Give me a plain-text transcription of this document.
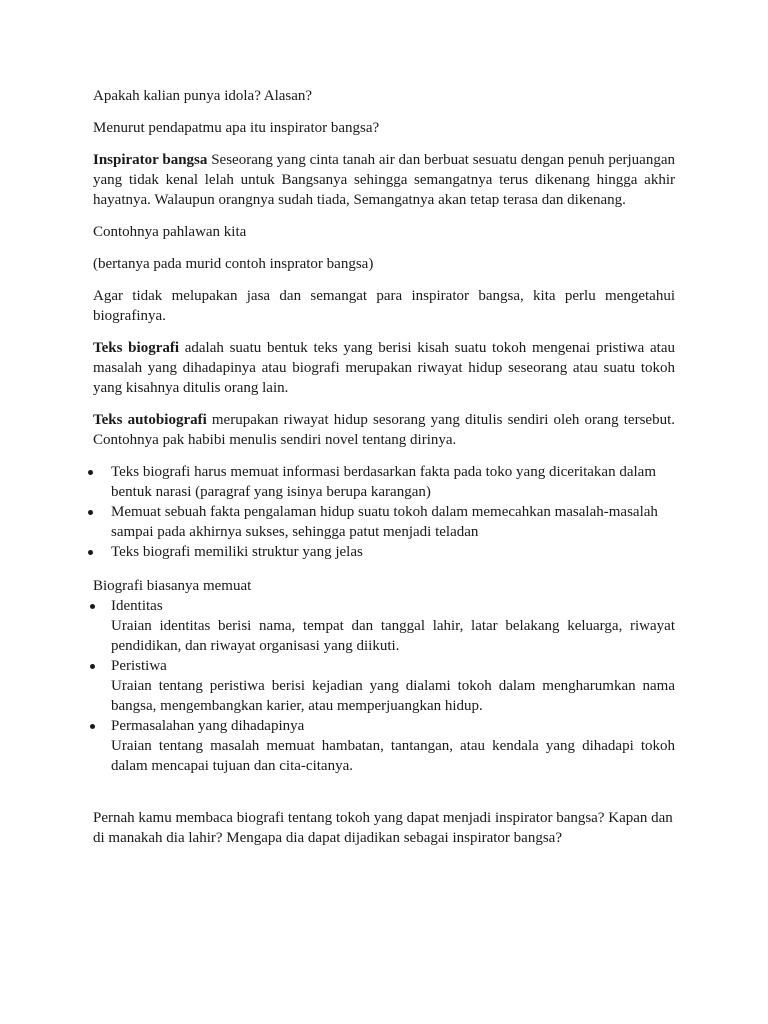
Apakah kalian punya idola? Alasan?

Menurut pendapatmu apa itu inspirator bangsa?

Inspirator bangsa Seseorang yang cinta tanah air dan berbuat sesuatu dengan penuh perjuangan yang tidak kenal lelah untuk Bangsanya sehingga semangatnya terus dikenang hingga akhir hayatnya. Walaupun orangnya sudah tiada, Semangatnya akan tetap terasa dan dikenang.

Contohnya pahlawan kita

(bertanya pada murid contoh insprator bangsa)

Agar tidak melupakan jasa dan semangat para inspirator bangsa, kita perlu mengetahui biografinya.

Teks biografi adalah suatu bentuk teks yang berisi kisah suatu tokoh mengenai pristiwa atau masalah yang dihadapinya atau biografi merupakan riwayat hidup seseorang atau suatu tokoh yang kisahnya ditulis orang lain.

Teks autobiografi merupakan riwayat hidup sesorang yang ditulis sendiri oleh orang tersebut. Contohnya pak habibi menulis sendiri novel tentang dirinya.

Teks biografi harus memuat informasi berdasarkan fakta pada toko yang diceritakan dalam bentuk narasi (paragraf yang isinya berupa karangan)
Memuat sebuah fakta pengalaman hidup suatu tokoh dalam memecahkan masalah-masalah sampai pada akhirnya sukses, sehingga patut menjadi teladan
Teks biografi memiliki struktur yang jelas

Biografi biasanya memuat

Identitas
Uraian identitas berisi nama, tempat dan tanggal lahir, latar belakang keluarga, riwayat pendidikan, dan riwayat organisasi yang diikuti.
Peristiwa
Uraian tentang peristiwa berisi kejadian yang dialami tokoh dalam mengharumkan nama bangsa, mengembangkan karier, atau memperjuangkan hidup.
Permasalahan yang dihadapinya
Uraian tentang masalah memuat hambatan, tantangan, atau kendala yang dihadapi tokoh dalam mencapai tujuan dan cita-citanya.

Pernah kamu membaca biografi tentang tokoh yang dapat menjadi inspirator bangsa? Kapan dan di manakah dia lahir? Mengapa dia dapat dijadikan sebagai inspirator bangsa?
